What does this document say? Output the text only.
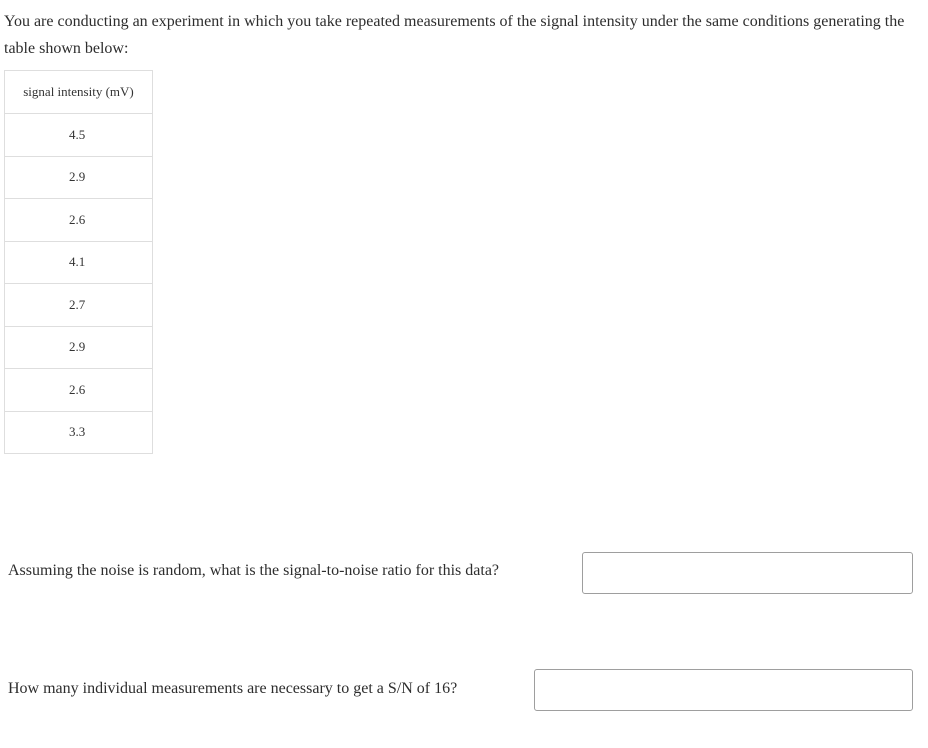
You are conducting an experiment in which you take repeated measurements of the signal intensity under the same conditions generating the table shown below:

signal intensity (mV)
4.5
2.9
2.6
4.1
2.7
2.9
2.6
3.3

Assuming the noise is random, what is the signal-to-noise ratio for this data?

How many individual measurements are necessary to get a S/N of 16?
